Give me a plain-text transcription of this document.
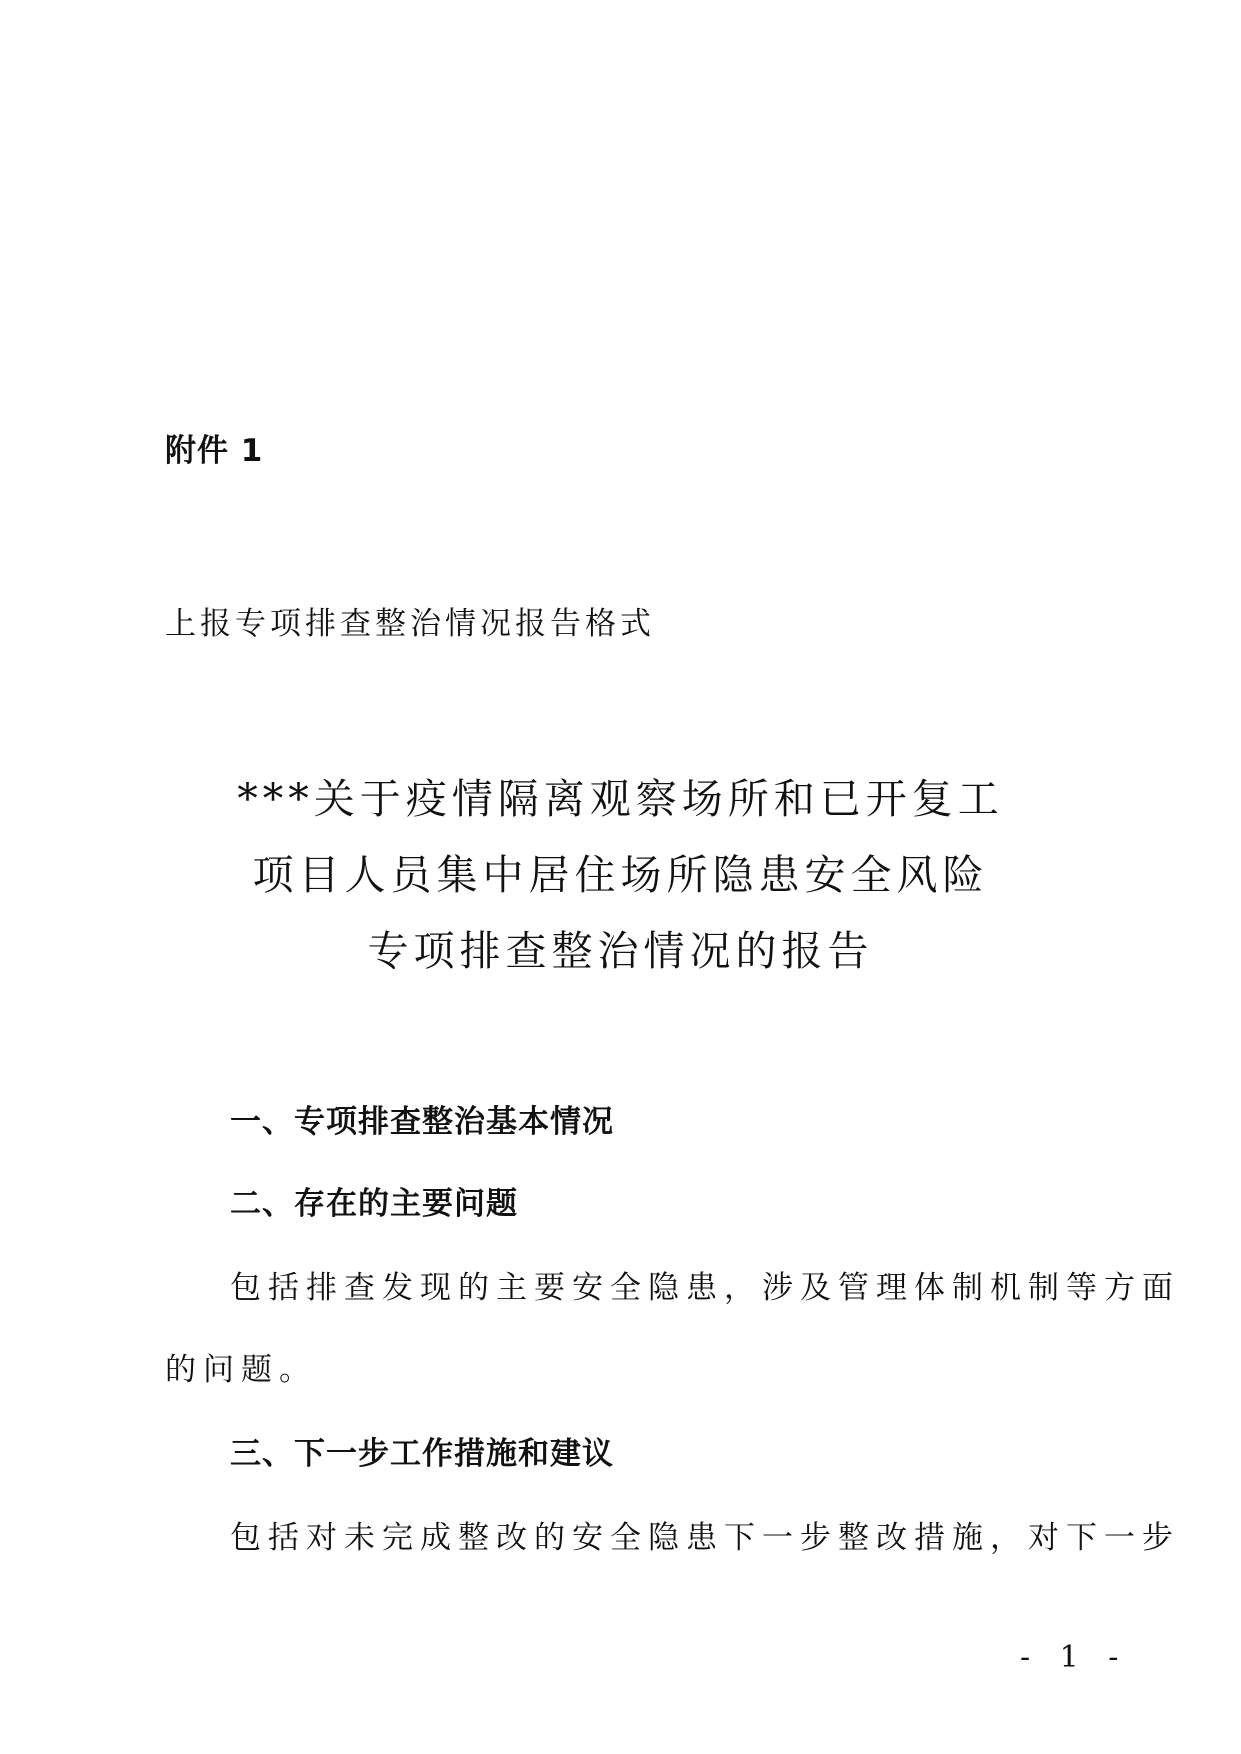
附件 1
上报专项排查整治情况报告格式
***关于疫情隔离观察场所和已开复工
项目人员集中居住场所隐患安全风险
专项排查整治情况的报告
一、专项排查整治基本情况
二、存在的主要问题
包括排查发现的主要安全隐患，涉及管理体制机制等方面
的问题。
三、下一步工作措施和建议
包括对未完成整改的安全隐患下一步整改措施，对下一步
- 1 -
